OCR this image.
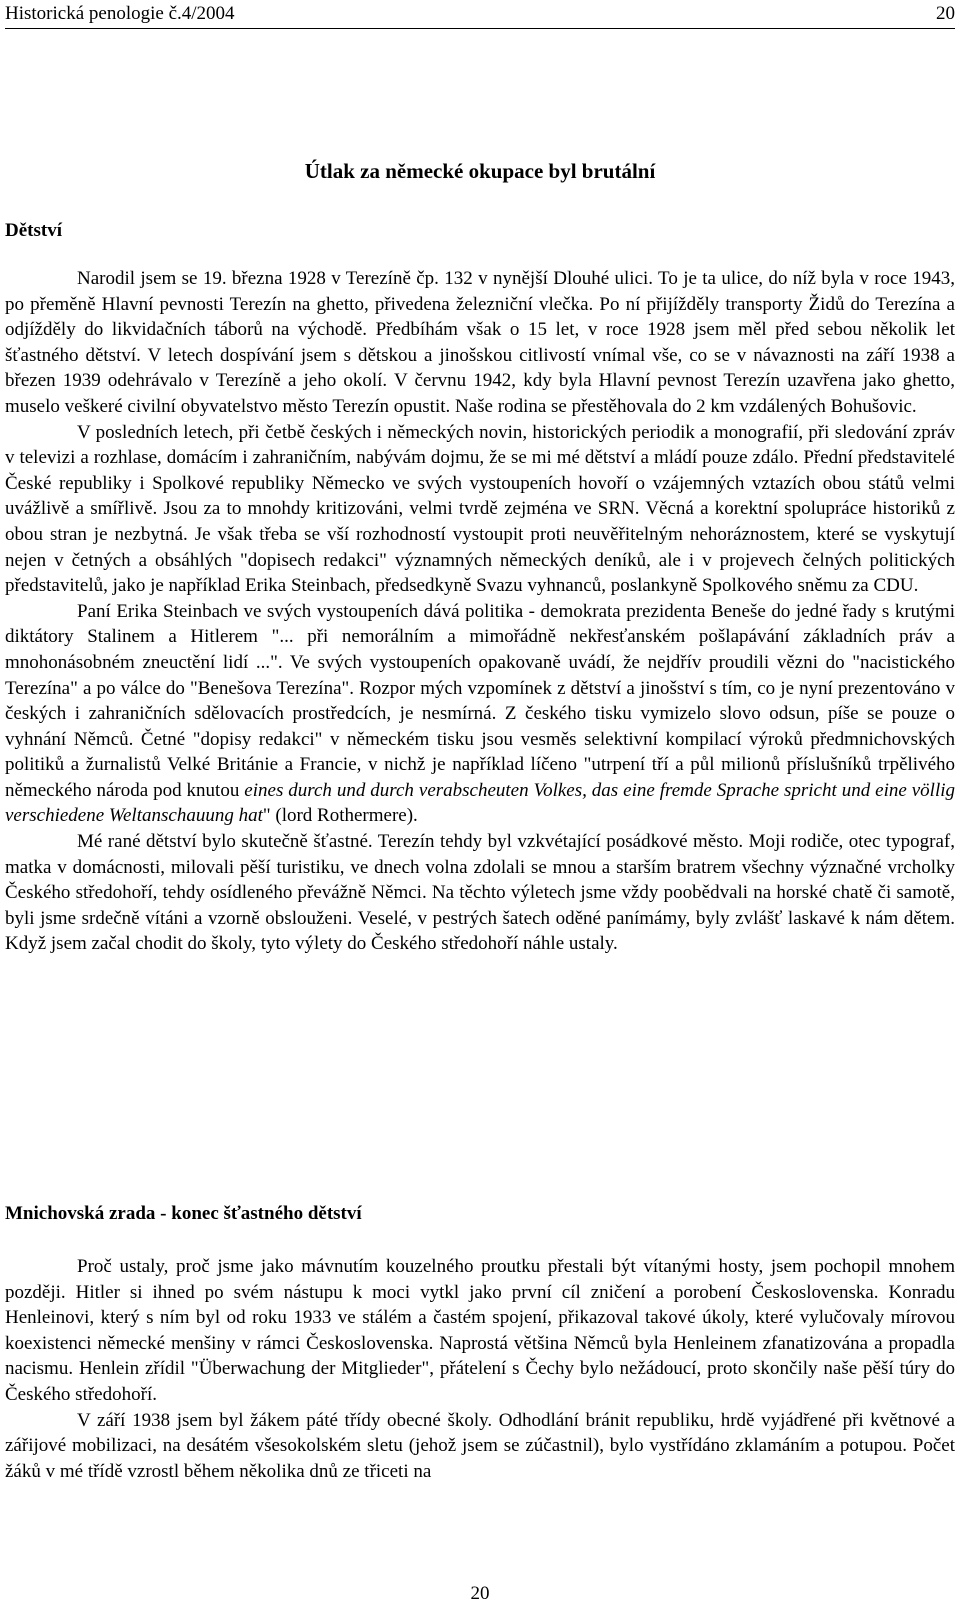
Historická penologie č.4/2004	20
Útlak za německé okupace byl brutální
Dětství

Narodil jsem se 19. března 1928 v Terezíně čp. 132 v nynější Dlouhé ulici. To je ta ulice, do níž byla v roce 1943, po přeměně Hlavní pevnosti Terezín na ghetto, přivedena železniční vlečka. Po ní přijížděly transporty Židů do Terezína a odjížděly do likvidačních táborů na východě. Předbíhám však o 15 let, v roce 1928 jsem měl před sebou několik let šťastného dětství. V letech dospívání jsem s dětskou a jinošskou citlivostí vnímal vše, co se v návaznosti na září 1938 a březen 1939 odehrávalo v Terezíně a jeho okolí. V červnu 1942, kdy byla Hlavní pevnost Terezín uzavřena jako ghetto, muselo veškeré civilní obyvatelstvo město Terezín opustit. Naše rodina se přestěhovala do 2 km vzdálených Bohušovic.

V posledních letech, při četbě českých i německých novin, historických periodik a monografií, při sledování zpráv v televizi a rozhlase, domácím i zahraničním, nabývám dojmu, že se mi mé dětství a mládí pouze zdálo. Přední představitelé České republiky i Spolkové republiky Německo ve svých vystoupeních hovoří o vzájemných vztazích obou států velmi uvážlivě a smířlivě. Jsou za to mnohdy kritizováni, velmi tvrdě zejména ve SRN. Věcná a korektní spolupráce historiků z obou stran je nezbytná. Je však třeba se vší rozhodností vystoupit proti neuvěřitelným nehoráznostem, které se vyskytují nejen v četných a obsáhlých "dopisech redakci" významných německých deníků, ale i v projevech čelných politických představitelů, jako je například Erika Steinbach, předsedkyně Svazu vyhnanců, poslankyně Spolkového sněmu za CDU.

Paní Erika Steinbach ve svých vystoupeních dává politika - demokrata prezidenta Beneše do jedné řady s krutými diktátory Stalinem a Hitlerem "... při nemorálním a mimořádně nekřesťanském pošlapávání základních práv a mnohonásobném zneuctění lidí ...". Ve svých vystoupeních opakovaně uvádí, že nejdřív proudili vězni do "nacistického Terezína" a po válce do "Benešova Terezína". Rozpor mých vzpomínek z dětství a jinošství s tím, co je nyní prezentováno v českých i zahraničních sdělovacích prostředcích, je nesmírná. Z českého tisku vymizelo slovo odsun, píše se pouze o vyhnání Němců. Četné "dopisy redakci" v německém tisku jsou vesměs selektivní kompilací výroků předmnichovských politiků a žurnalistů Velké Británie a Francie, v nichž je například líčeno "utrpení tří a půl milionů příslušníků trpělivého německého národa pod knutou eines durch und durch verabscheuten Volkes, das eine fremde Sprache spricht und eine völlig verschiedene Weltanschauung hat" (lord Rothermere).

Mé rané dětství bylo skutečně šťastné. Terezín tehdy byl vzkvétající posádkové město. Moji rodiče, otec typograf, matka v domácnosti, milovali pěší turistiku, ve dnech volna zdolali se mnou a starším bratrem všechny význačné vrcholky Českého středohoří, tehdy osídleného převážně Němci. Na těchto výletech jsme vždy poobědvali na horské chatě či samotě, byli jsme srdečně vítáni a vzorně obslouženi. Veselé, v pestrých šatech oděné panímámy, byly zvlášť laskavé k nám dětem. Když jsem začal chodit do školy, tyto výlety do Českého středohoří náhle ustaly.

Mnichovská zrada - konec šťastného dětství

Proč ustaly, proč jsme jako mávnutím kouzelného proutku přestali být vítanými hosty, jsem pochopil mnohem později. Hitler si ihned po svém nástupu k moci vytkl jako první cíl zničení a porobení Československa. Konradu Henleinovi, který s ním byl od roku 1933 ve stálém a častém spojení, přikazoval takové úkoly, které vylučovaly mírovou koexistenci německé menšiny v rámci Československa. Naprostá většina Němců byla Henleinem zfanatizována a propadla nacismu. Henlein zřídil "Überwachung der Mitglieder", přátelení s Čechy bylo nežádoucí, proto skončily naše pěší túry do Českého středohoří.

V září 1938 jsem byl žákem páté třídy obecné školy. Odhodlání bránit republiku, hrdě vyjádřené při květnové a zářijové mobilizaci, na desátém všesokolském sletu (jehož jsem se zúčastnil), bylo vystřídáno zklamáním a potupou. Počet žáků v mé třídě vzrostl během několika dnů ze třiceti na

20
